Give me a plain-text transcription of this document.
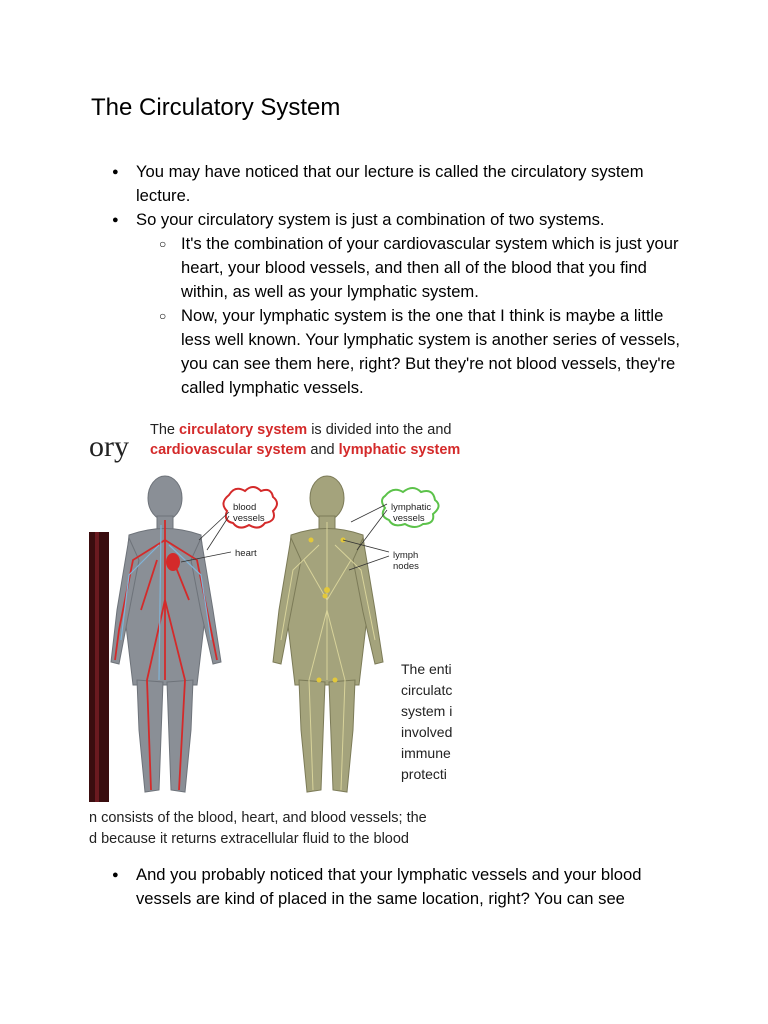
The Circulatory System
● You may have noticed that our lecture is called the circulatory system lecture.
● So your circulatory system is just a combination of two systems.
○ It's the combination of your cardiovascular system which is just your heart, your blood vessels, and then all of the blood that you find within, as well as your lymphatic system.
○ Now, your lymphatic system is the one that I think is maybe a little less well known. Your lymphatic system is another series of vessels, you can see them here, right? But they're not blood vessels, they're called lymphatic vessels.
● And you probably noticed that your lymphatic vessels and your blood vessels are kind of placed in the same location, right? You can see
ory The circulatory system is divided into the and
cardiovascular system and lymphatic system
blood
vessels
heart
lymphatic
vessels
lymph
nodes
The enti
circulatc
system i
involved
immune
protecti
n consists of the blood, heart, and blood vessels; the
d because it returns extracellular fluid to the blood
